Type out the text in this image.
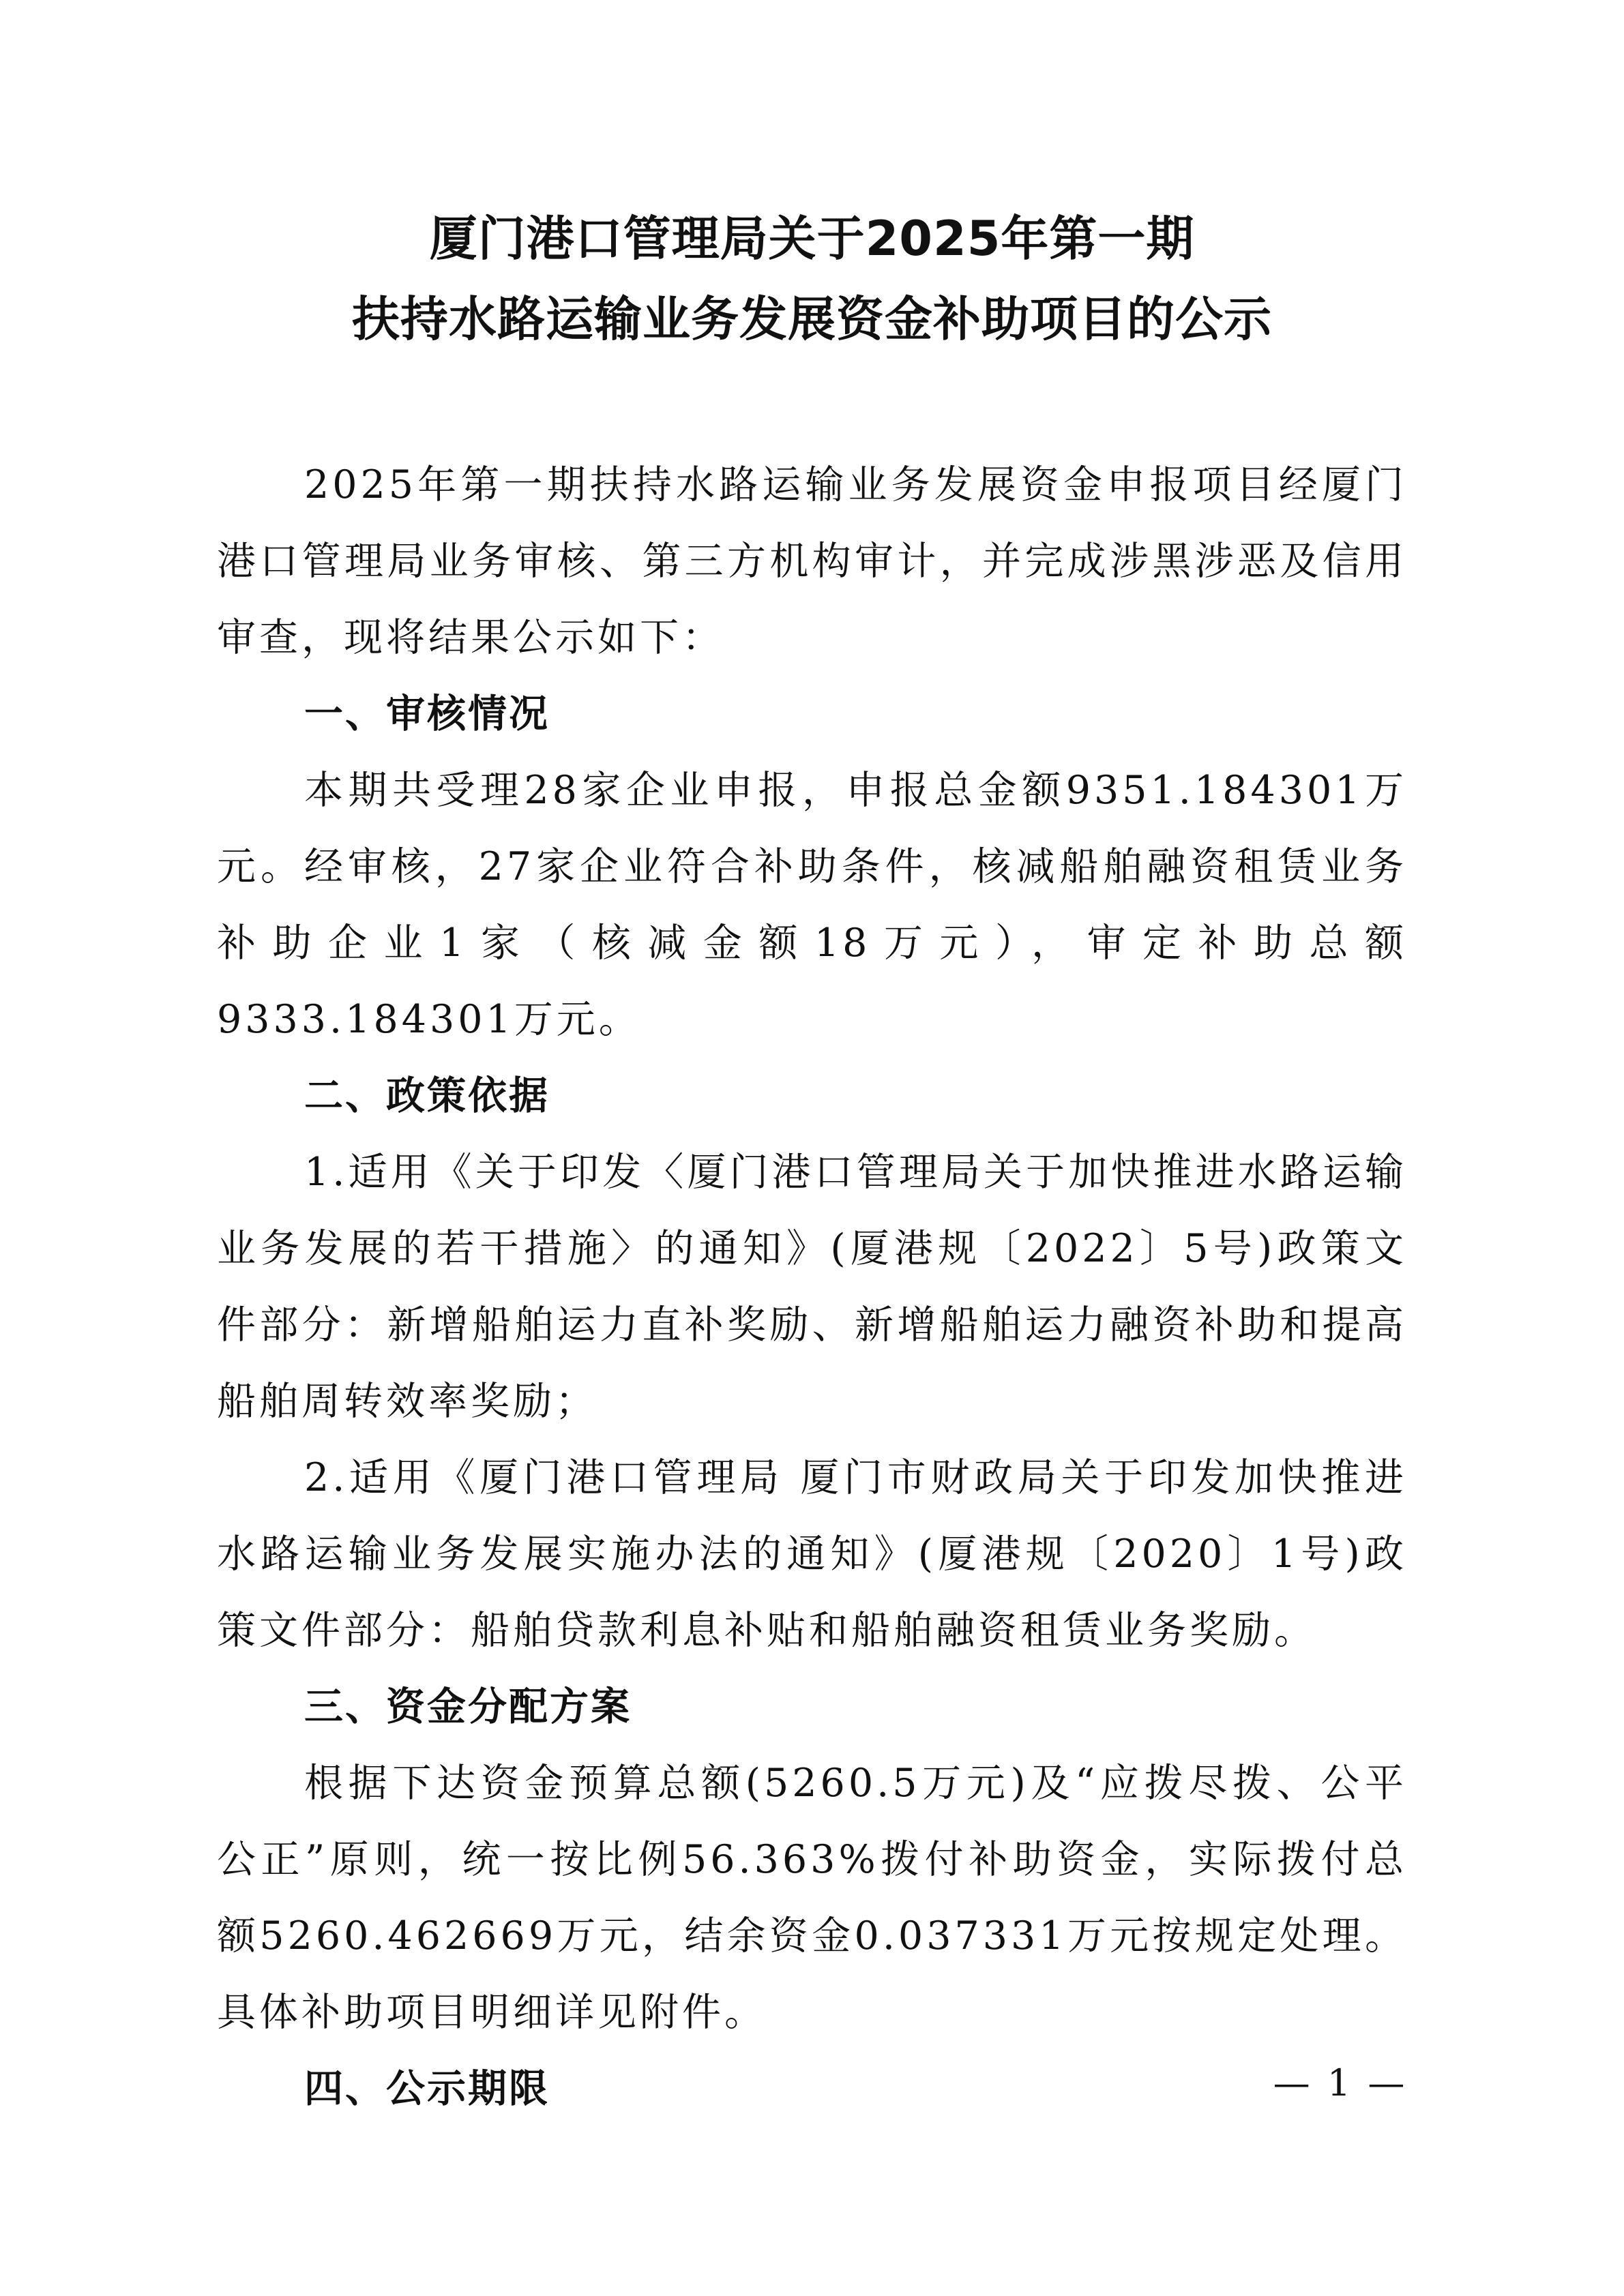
厦门港口管理局关于2025年第一期
扶持水路运输业务发展资金补助项目的公示

2025年第一期扶持水路运输业务发展资金申报项目经厦门港口管理局业务审核、第三方机构审计，并完成涉黑涉恶及信用审查，现将结果公示如下：

一、审核情况

本期共受理28家企业申报，申报总金额9351.184301万元。经审核，27家企业符合补助条件，核减船舶融资租赁业务补助企业1家（核减金额18万元），审定补助总额9333.184301万元。

二、政策依据

1.适用《关于印发〈厦门港口管理局关于加快推进水路运输业务发展的若干措施〉的通知》(厦港规〔2022〕5号)政策文件部分：新增船舶运力直补奖励、新增船舶运力融资补助和提高船舶周转效率奖励；

2.适用《厦门港口管理局 厦门市财政局关于印发加快推进水路运输业务发展实施办法的通知》(厦港规〔2020〕1号)政策文件部分：船舶贷款利息补贴和船舶融资租赁业务奖励。

三、资金分配方案

根据下达资金预算总额(5260.5万元)及“应拨尽拨、公平公正”原则，统一按比例56.363%拨付补助资金，实际拨付总额5260.462669万元，结余资金0.037331万元按规定处理。具体补助项目明细详见附件。

四、公示期限	— 1 —
